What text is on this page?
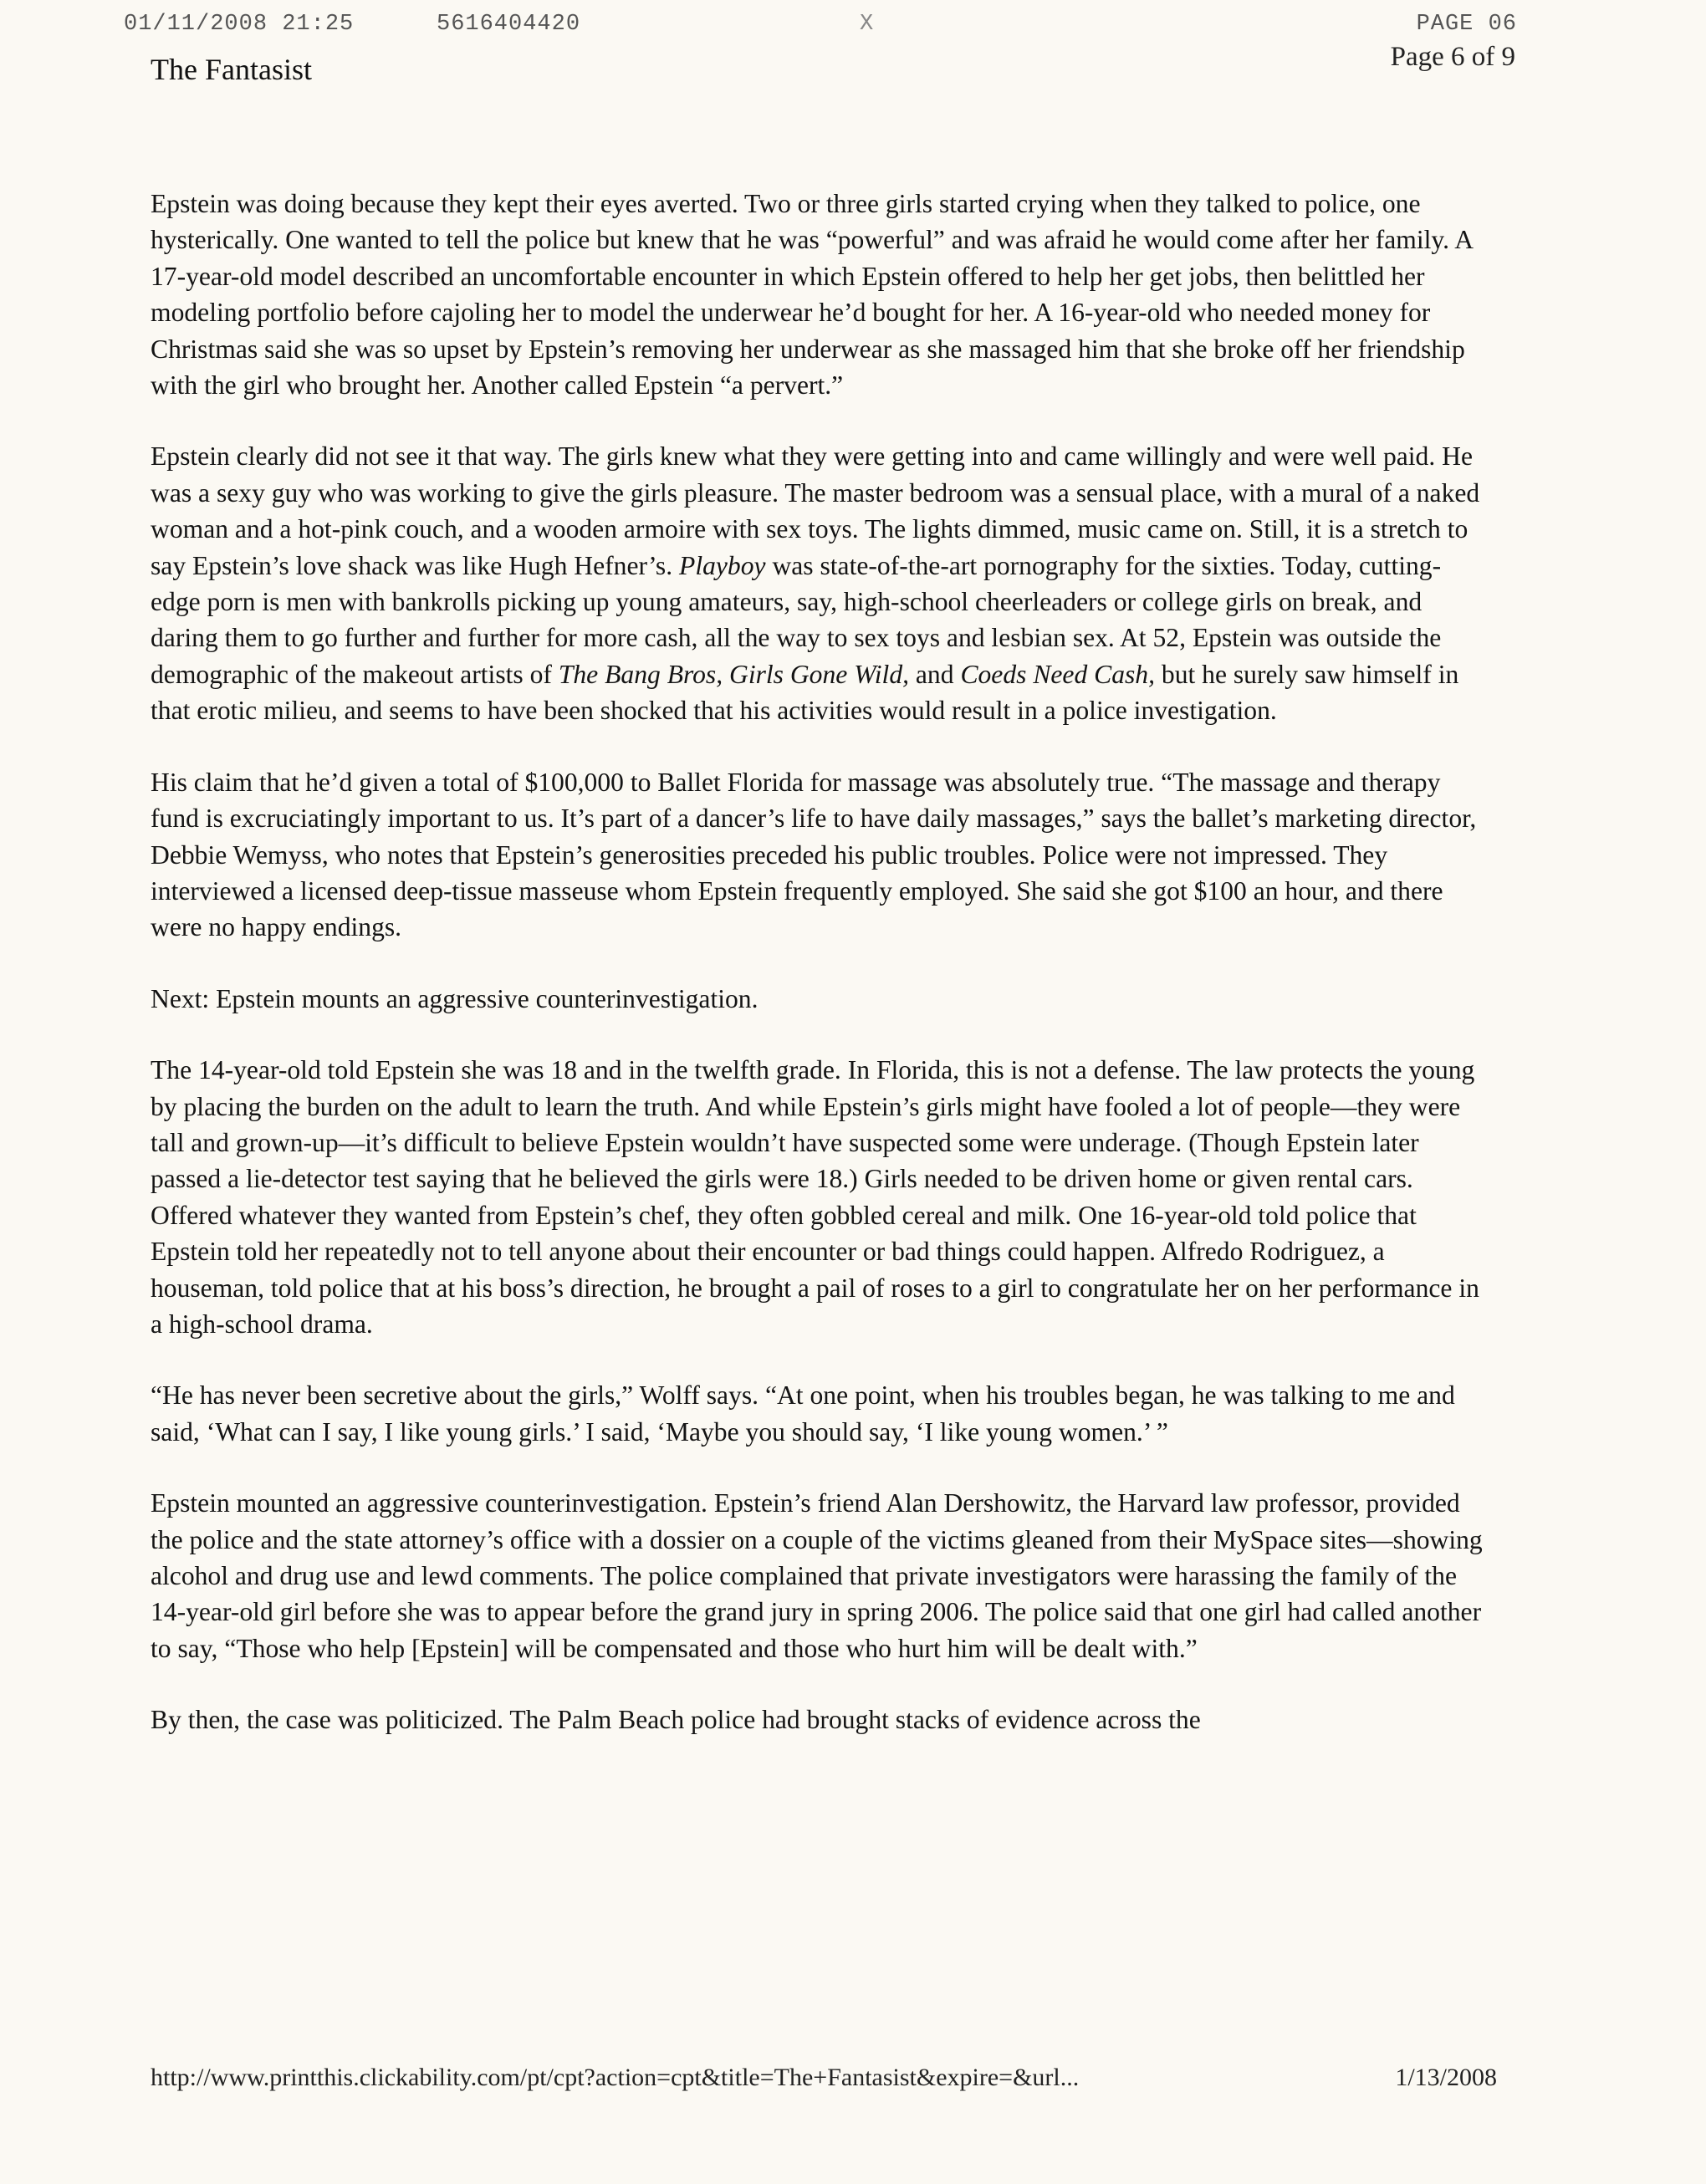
01/11/2008 21:25	5616404420	X	PAGE 06
The Fantasist	Page 6 of 9

Epstein was doing because they kept their eyes averted. Two or three girls started crying when they talked to police, one hysterically. One wanted to tell the police but knew that he was “powerful” and was afraid he would come after her family. A 17-year-old model described an uncomfortable encounter in which Epstein offered to help her get jobs, then belittled her modeling portfolio before cajoling her to model the underwear he’d bought for her. A 16-year-old who needed money for Christmas said she was so upset by Epstein’s removing her underwear as she massaged him that she broke off her friendship with the girl who brought her. Another called Epstein “a pervert.”

Epstein clearly did not see it that way. The girls knew what they were getting into and came willingly and were well paid. He was a sexy guy who was working to give the girls pleasure. The master bedroom was a sensual place, with a mural of a naked woman and a hot-pink couch, and a wooden armoire with sex toys. The lights dimmed, music came on. Still, it is a stretch to say Epstein’s love shack was like Hugh Hefner’s. Playboy was state-of-the-art pornography for the sixties. Today, cutting-edge porn is men with bankrolls picking up young amateurs, say, high-school cheerleaders or college girls on break, and daring them to go further and further for more cash, all the way to sex toys and lesbian sex. At 52, Epstein was outside the demographic of the makeout artists of The Bang Bros, Girls Gone Wild, and Coeds Need Cash, but he surely saw himself in that erotic milieu, and seems to have been shocked that his activities would result in a police investigation.

His claim that he’d given a total of $100,000 to Ballet Florida for massage was absolutely true. “The massage and therapy fund is excruciatingly important to us. It’s part of a dancer’s life to have daily massages,” says the ballet’s marketing director, Debbie Wemyss, who notes that Epstein’s generosities preceded his public troubles. Police were not impressed. They interviewed a licensed deep-tissue masseuse whom Epstein frequently employed. She said she got $100 an hour, and there were no happy endings.

Next: Epstein mounts an aggressive counterinvestigation.

The 14-year-old told Epstein she was 18 and in the twelfth grade. In Florida, this is not a defense. The law protects the young by placing the burden on the adult to learn the truth. And while Epstein’s girls might have fooled a lot of people—they were tall and grown-up—it’s difficult to believe Epstein wouldn’t have suspected some were underage. (Though Epstein later passed a lie-detector test saying that he believed the girls were 18.) Girls needed to be driven home or given rental cars. Offered whatever they wanted from Epstein’s chef, they often gobbled cereal and milk. One 16-year-old told police that Epstein told her repeatedly not to tell anyone about their encounter or bad things could happen. Alfredo Rodriguez, a houseman, told police that at his boss’s direction, he brought a pail of roses to a girl to congratulate her on her performance in a high-school drama.

“He has never been secretive about the girls,” Wolff says. “At one point, when his troubles began, he was talking to me and said, ‘What can I say, I like young girls.’ I said, ‘Maybe you should say, ‘I like young women.’ ”

Epstein mounted an aggressive counterinvestigation. Epstein’s friend Alan Dershowitz, the Harvard law professor, provided the police and the state attorney’s office with a dossier on a couple of the victims gleaned from their MySpace sites—showing alcohol and drug use and lewd comments. The police complained that private investigators were harassing the family of the 14-year-old girl before she was to appear before the grand jury in spring 2006. The police said that one girl had called another to say, “Those who help [Epstein] will be compensated and those who hurt him will be dealt with.”

By then, the case was politicized. The Palm Beach police had brought stacks of evidence across the

http://www.printthis.clickability.com/pt/cpt?action=cpt&title=The+Fantasist&expire=&url...	1/13/2008
